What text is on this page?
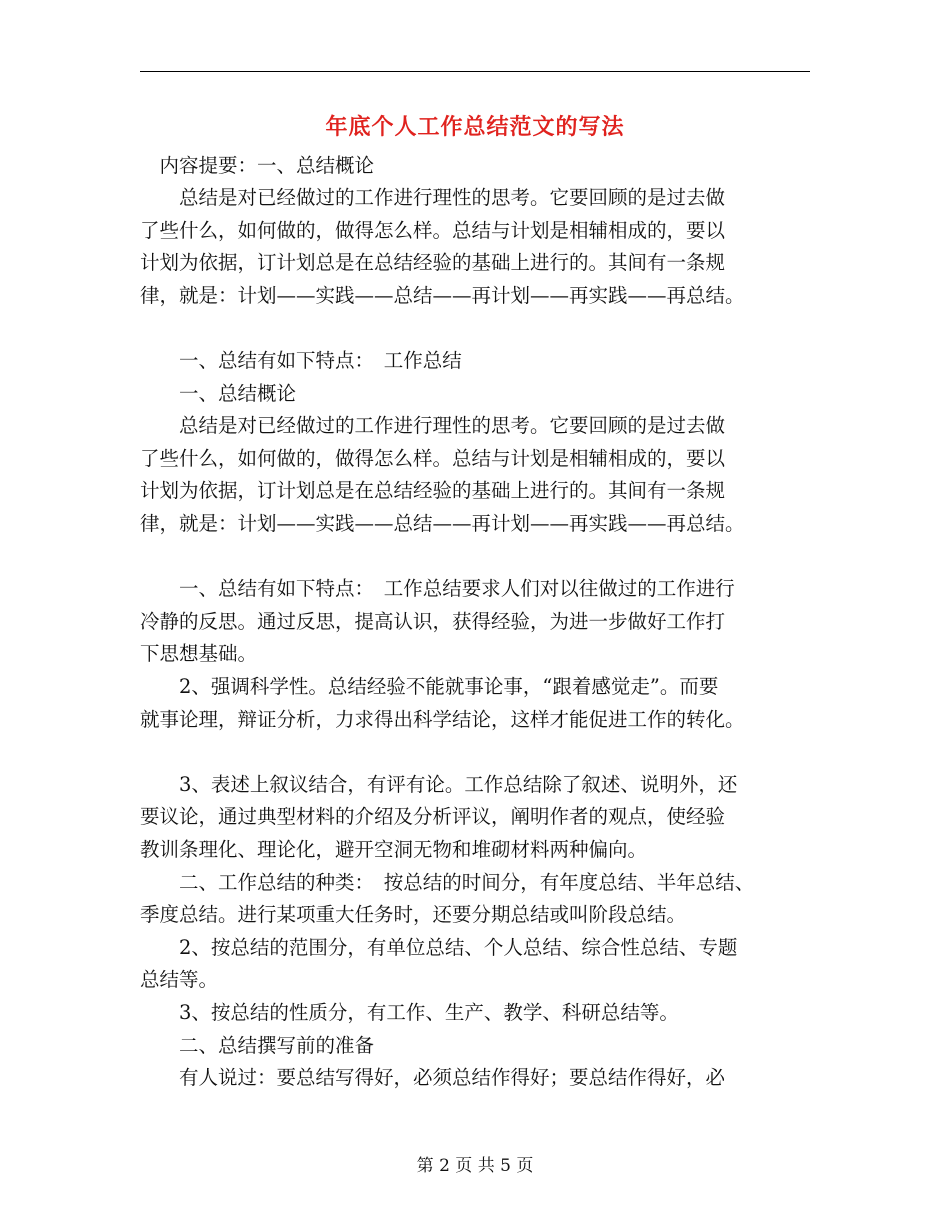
年底个人工作总结范文的写法

　内容提要：一、总结概论

　　总结是对已经做过的工作进行理性的思考。它要回顾的是过去做

了些什么，如何做的，做得怎么样。总结与计划是相辅相成的，要以

计划为依据，订计划总是在总结经验的基础上进行的。其间有一条规

律，就是：计划——实践——总结——再计划——再实践——再总结。

　　一、总结有如下特点：　工作总结

　　一、总结概论

　　总结是对已经做过的工作进行理性的思考。它要回顾的是过去做

了些什么，如何做的，做得怎么样。总结与计划是相辅相成的，要以

计划为依据，订计划总是在总结经验的基础上进行的。其间有一条规

律，就是：计划——实践——总结——再计划——再实践——再总结。

　　一、总结有如下特点：　工作总结要求人们对以往做过的工作进行

冷静的反思。通过反思，提高认识，获得经验，为进一步做好工作打

下思想基础。

　　2、强调科学性。总结经验不能就事论事，“跟着感觉走”。而要

就事论理，辩证分析，力求得出科学结论，这样才能促进工作的转化。

　　3、表述上叙议结合，有评有论。工作总结除了叙述、说明外，还

要议论，通过典型材料的介绍及分析评议，阐明作者的观点，使经验

教训条理化、理论化，避开空洞无物和堆砌材料两种偏向。

　　二、工作总结的种类：　按总结的时间分，有年度总结、半年总结、

季度总结。进行某项重大任务时，还要分期总结或叫阶段总结。

　　2、按总结的范围分，有单位总结、个人总结、综合性总结、专题

总结等。

　　3、按总结的性质分，有工作、生产、教学、科研总结等。

　　二、总结撰写前的准备

　　有人说过：要总结写得好，必须总结作得好；要总结作得好，必

第 2 页 共 5 页
